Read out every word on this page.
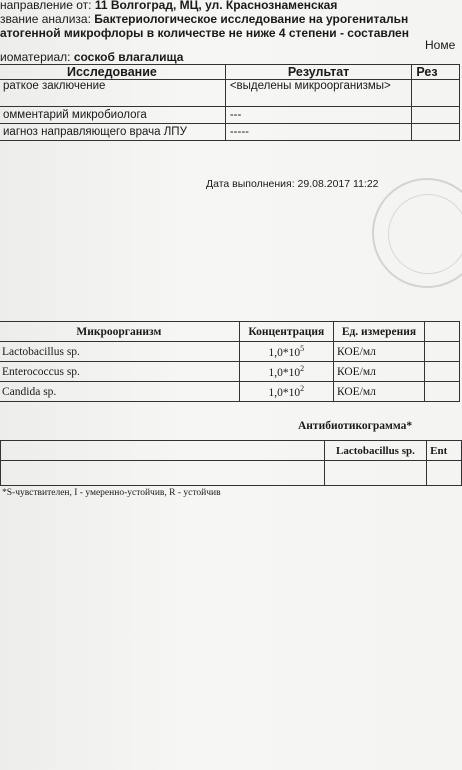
направление от: 11 Волгоград, МЦ, ул. Краснознаменская
звание анализа: Бактериологическое исследование на урогенитальн
атогенной микрофлоры в количестве не ниже 4 степени - составлен
Номе
иоматериал: соскоб влагалища
Исследование	Результат	Рез
раткое заключение	<выделены микроорганизмы>	
омментарий микробиолога	---	
иагноз направляющего врача ЛПУ	-----	
Дата выполнения: 29.08.2017 11:22
Микроорганизм	Концентрация	Ед. измерения	
Lactobacillus sp.	$1,0*10^5$	КОЕ/мл	
Enterococcus sp.	$1,0*10^2$	КОЕ/мл	
Candida sp.	$1,0*10^2$	КОЕ/мл	
Антибиотикограмма*
	Lactobacillus sp.	Ent

*S-чувствителен, I - умеренно-устойчив, R - устойчив
